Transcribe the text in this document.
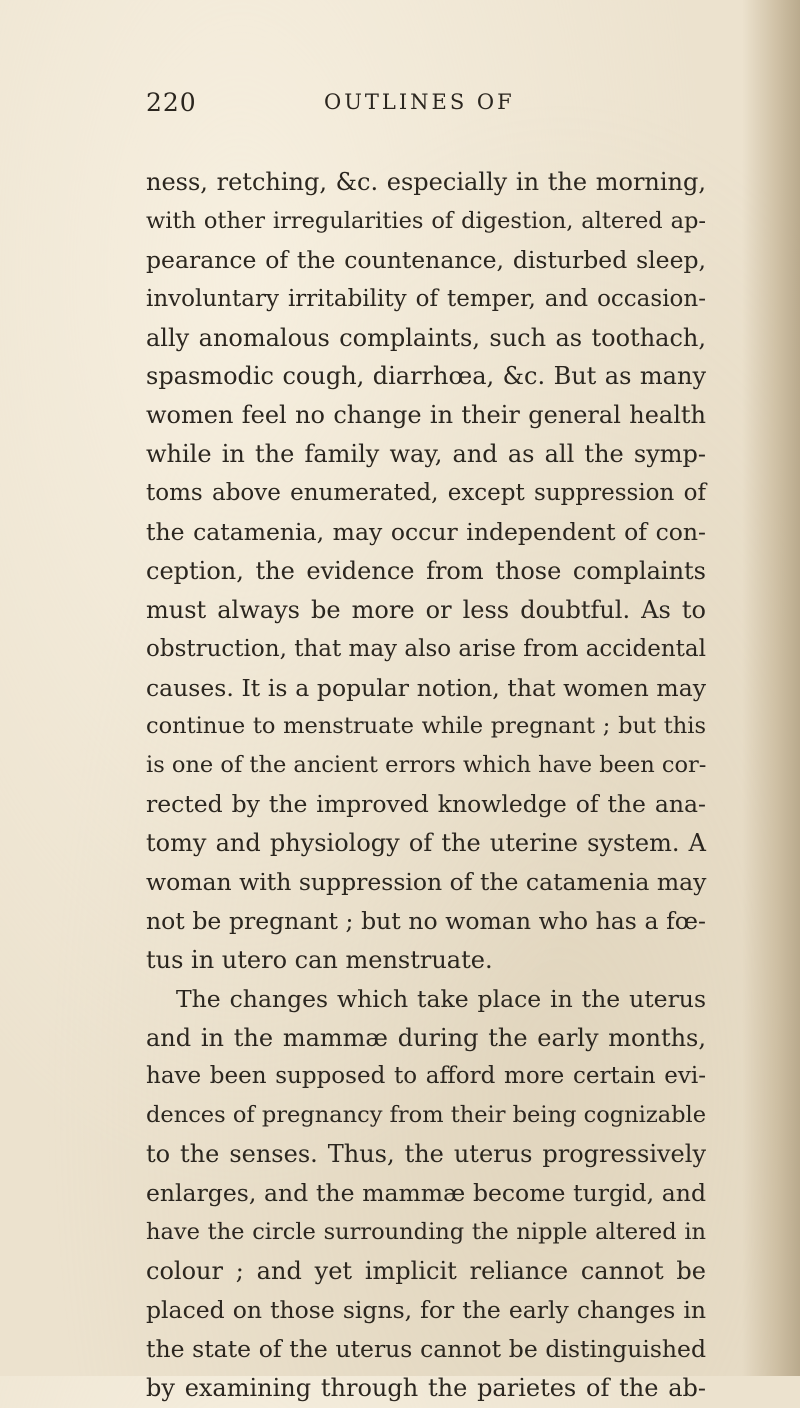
220	OUTLINES OF
ness, retching, &c. especially in the morning,
with other irregularities of digestion, altered ap-
pearance of the countenance, disturbed sleep,
involuntary irritability of temper, and occasion-
ally anomalous complaints, such as toothach,
spasmodic cough, diarrhœa, &c. But as many
women feel no change in their general health
while in the family way, and as all the symp-
toms above enumerated, except suppression of
the catamenia, may occur independent of con-
ception, the evidence from those complaints
must always be more or less doubtful. As to
obstruction, that may also arise from accidental
causes. It is a popular notion, that women may
continue to menstruate while pregnant ; but this
is one of the ancient errors which have been cor-
rected by the improved knowledge of the ana-
tomy and physiology of the uterine system. A
woman with suppression of the catamenia may
not be pregnant ; but no woman who has a fœ-
tus in utero can menstruate.
The changes which take place in the uterus
and in the mammæ during the early months,
have been supposed to afford more certain evi-
dences of pregnancy from their being cognizable
to the senses. Thus, the uterus progressively
enlarges, and the mammæ become turgid, and
have the circle surrounding the nipple altered in
colour ; and yet implicit reliance cannot be
placed on those signs, for the early changes in
the state of the uterus cannot be distinguished
by examining through the parietes of the ab-
